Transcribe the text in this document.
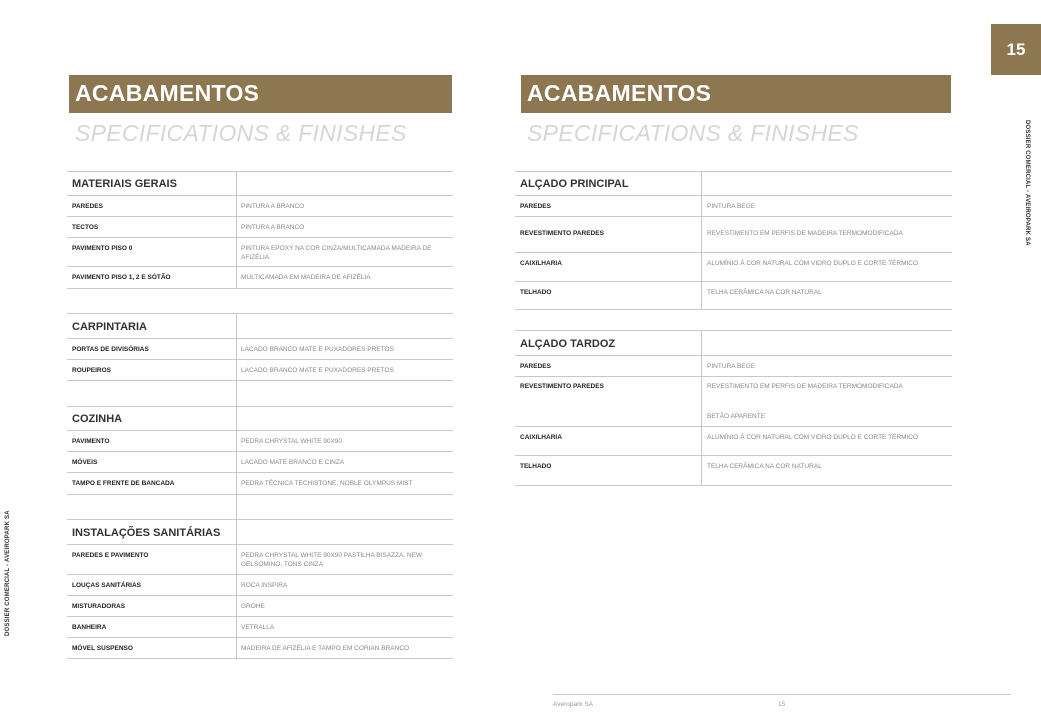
ACABAMENTOS
SPECIFICATIONS & FINISHES
ACABAMENTOS
SPECIFICATIONS & FINISHES
15
DOSSIER COMERCIAL - AVEIROPARK SA
DOSSIER COMERCIAL - AVEIROPARK SA
MATERIAIS GERAIS
PAREDES	PINTURA A BRANCO
TECTOS	PINTURA A BRANCO
PAVIMENTO PISO 0	PINTURA EPOXY NA COR CINZA/MULTICAMADA MADEIRA DE AFIZÉLIA
PAVIMENTO PISO 1, 2 E SÓTÃO	MULTICAMADA EM MADEIRA DE AFIZÉLIA
CARPINTARIA
PORTAS DE DIVISÓRIAS	LACADO BRANCO MATE E PUXADORES PRETOS
ROUPEIROS	LACADO BRANCO MATE E PUXADORES PRETOS
COZINHA
PAVIMENTO	PEDRA CHRYSTAL WHITE 90X90
MÓVEIS	LACADO MATE BRANCO E CINZA
TAMPO E FRENTE DE BANCADA	PEDRA TÉCNICA TECHISTONE, NOBLE OLYMPUS MIST
INSTALAÇÕES SANITÁRIAS
PAREDES E PAVIMENTO	PEDRA CHRYSTAL WHITE 90X90 PASTILHA BISAZZA, NEW GELSOMINO, TONS CINZA
LOUÇAS SANITÁRIAS	ROCA INSPIRA
MISTURADORAS	GROHE
BANHEIRA	VETRALLA
MÓVEL SUSPENSO	MADEIRA DE AFIZÉLIA E TAMPO EM CORIAN BRANCO
ALÇADO PRINCIPAL
PAREDES	PINTURA BEGE
REVESTIMENTO PAREDES	REVESTIMENTO EM PERFIS DE MADEIRA TERMOMODIFICADA
CAIXILHARIA	ALUMÍNIO À COR NATURAL COM VIDRO DUPLO E CORTE TÉRMICO
TELHADO	TELHA CERÂMICA NA COR NATURAL
ALÇADO TARDOZ
PAREDES	PINTURA BEGE
REVESTIMENTO PAREDES	REVESTIMENTO EM PERFIS DE MADEIRA TERMOMODIFICADA
BETÃO APARENTE
CAIXILHARIA	ALUMÍNIO À COR NATURAL COM VIDRO DUPLO E CORTE TÉRMICO
TELHADO	TELHA CERÂMICA NA COR NATURAL
Averopark SA	15
